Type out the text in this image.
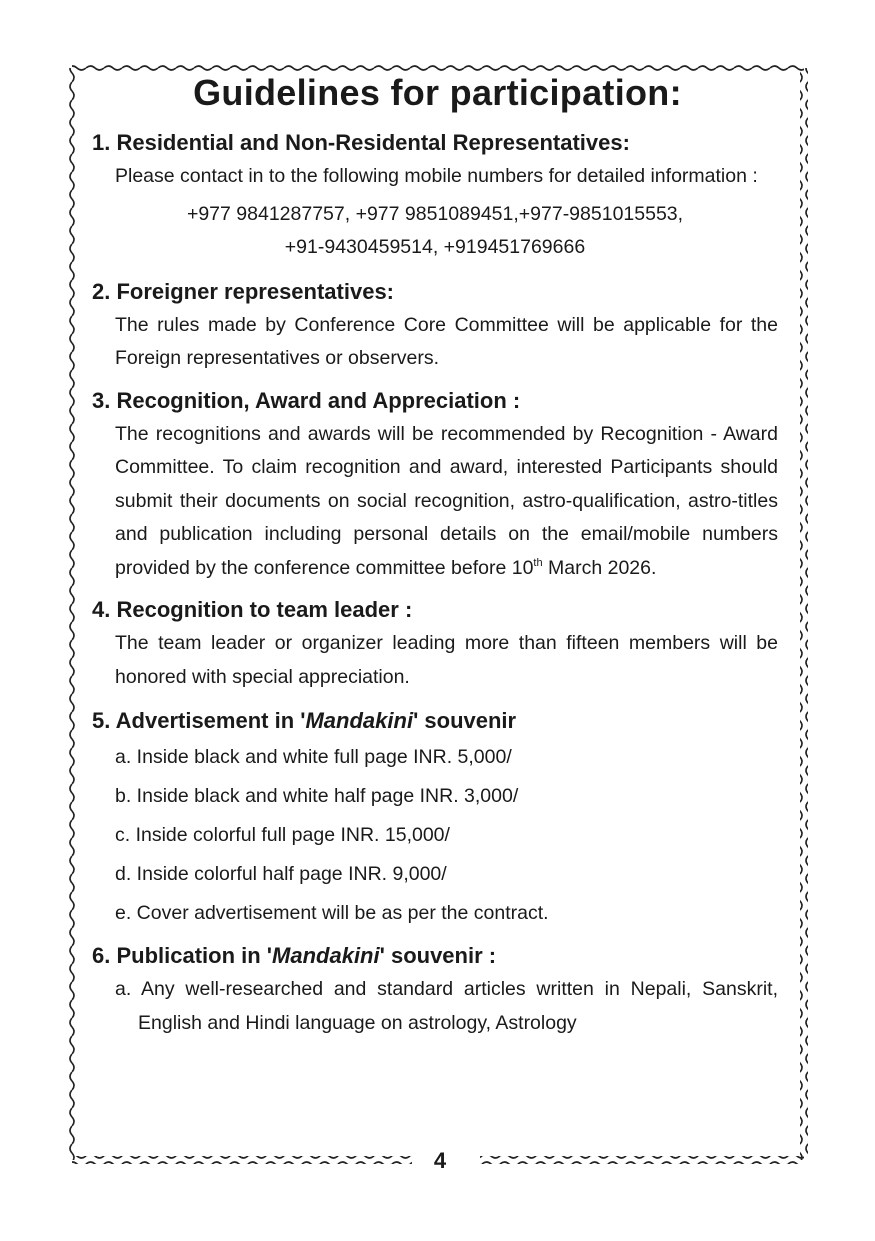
4
Guidelines for participation:

1. Residential and Non-Residental Representatives:

Please contact in to the following mobile numbers for detailed information :

+977 9841287757, +977 9851089451,+977-9851015553,

+91-9430459514, +919451769666

2. Foreigner representatives:

The rules made by Conference Core Committee will be applicable for the Foreign representatives or observers.

3. Recognition, Award and Appreciation :

The recognitions and awards will be recommended by Recognition - Award Committee. To claim recognition and award, interested Participants should submit their documents on social recognition, astro-qualification, astro-titles and publication including personal details on the email/mobile numbers provided by the conference committee before 10th March 2026.

4. Recognition to team leader :

The team leader or organizer leading more than fifteen members will be honored with special appreciation.

5. Advertisement in 'Mandakini' souvenir

a. Inside black and white full page INR. 5,000/
b. Inside black and white half page INR. 3,000/
c. Inside colorful full page INR. 15,000/
d. Inside colorful half page INR. 9,000/
e. Cover advertisement will be as per the contract.

6. Publication in 'Mandakini' souvenir :

a. Any well-researched and standard articles written in Nepali, Sanskrit, English and Hindi language on astrology, Astrology
